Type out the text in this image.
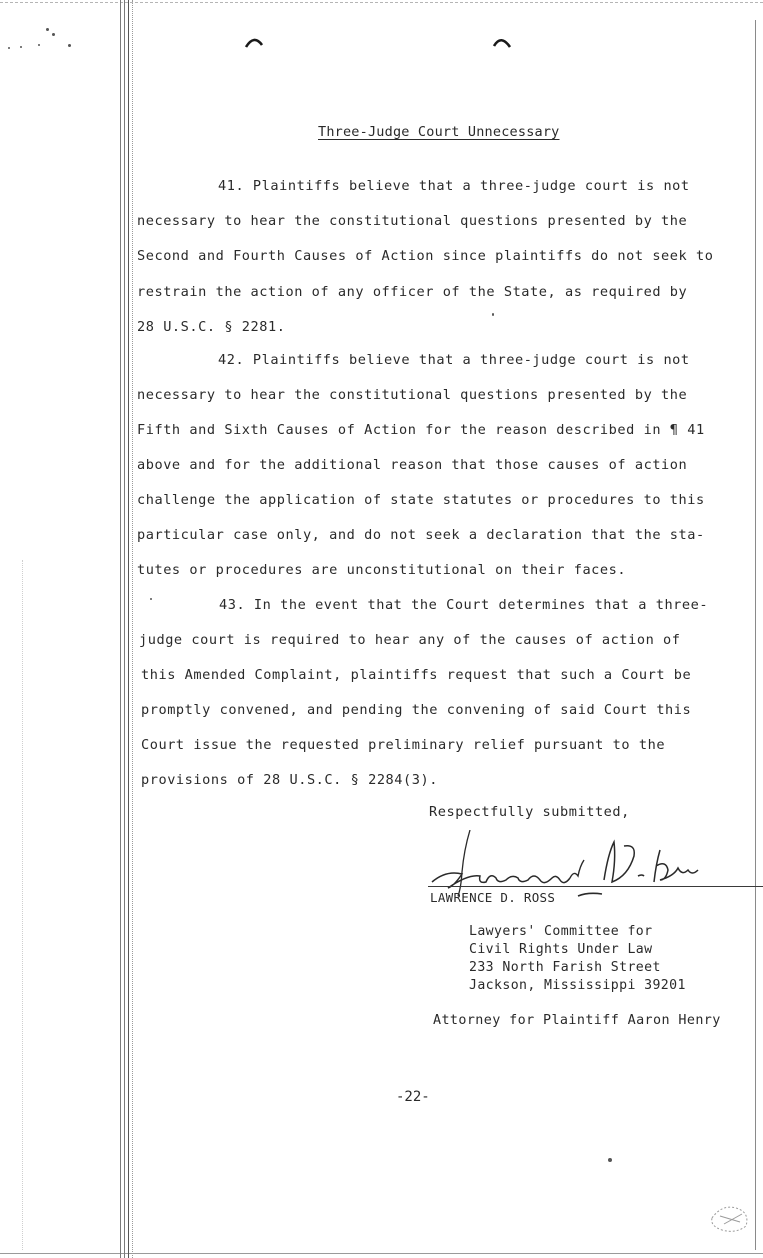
Three-Judge Court Unnecessary
41. Plaintiffs believe that a three-judge court is not
necessary to hear the constitutional questions presented by the
Second and Fourth Causes of Action since plaintiffs do not seek to
restrain the action of any officer of the State, as required by
28 U.S.C. § 2281.
42. Plaintiffs believe that a three-judge court is not
necessary to hear the constitutional questions presented by the
Fifth and Sixth Causes of Action for the reason described in ¶ 41
above and for the additional reason that those causes of action
challenge the application of state statutes or procedures to this
particular case only, and do not seek a declaration that the sta-
tutes or procedures are unconstitutional on their faces.
43. In the event that the Court determines that a three-
judge court is required to hear any of the causes of action of
this Amended Complaint, plaintiffs request that such a Court be
promptly convened, and pending the convening of said Court this
Court issue the requested preliminary relief pursuant to the
provisions of 28 U.S.C. § 2284(3).
Respectfully submitted,
LAWRENCE D. ROSS
Lawyers' Committee for
Civil Rights Under Law
233 North Farish Street
Jackson, Mississippi 39201
Attorney for Plaintiff Aaron Henry
-22-
